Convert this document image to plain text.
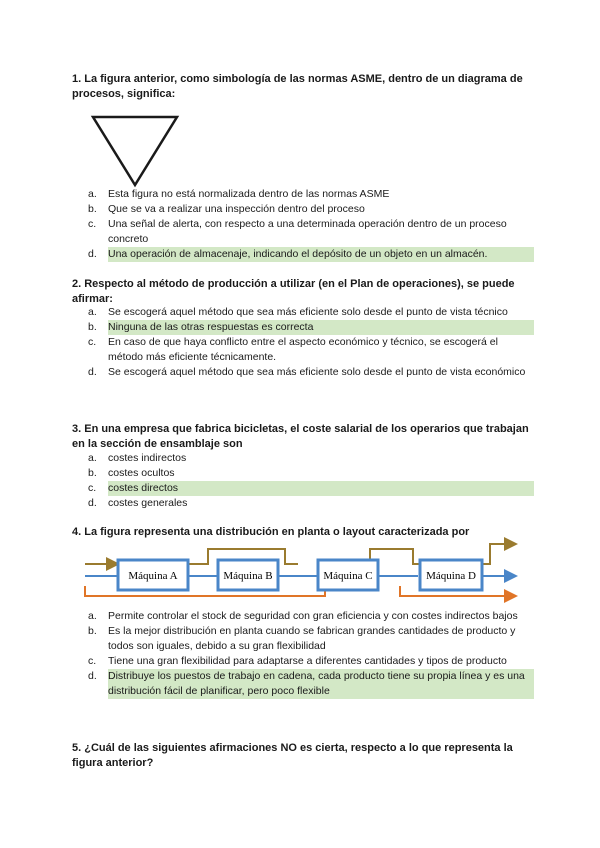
1. La figura anterior, como simbología de las normas ASME, dentro de un diagrama de procesos, significa:
a.	Esta figura no está normalizada dentro de las normas ASME
b.	Que se va a realizar una inspección dentro del proceso
c.	Una señal de alerta, con respecto a una determinada operación dentro de un proceso concreto
d.	Una operación de almacenaje, indicando el depósito de un objeto en un almacén.
2. Respecto al método de producción a utilizar (en el Plan de operaciones), se puede afirmar:
a.	Se escogerá aquel método que sea más eficiente solo desde el punto de vista técnico
b.	Ninguna de las otras respuestas es correcta
c.	En caso de que haya conflicto entre el aspecto económico y técnico, se escogerá el método más eficiente técnicamente.
d.	Se escogerá aquel método que sea más eficiente solo desde el punto de vista económico
3. En una empresa que fabrica bicicletas, el coste salarial de los operarios que trabajan en la sección de ensamblaje son
a.	costes indirectos
b.	costes ocultos
c.	costes directos
d.	costes generales
4. La figura representa una distribución en planta o layout caracterizada por
Máquina A	Máquina B	Máquina C	Máquina D
a.	Permite controlar el stock de seguridad con gran eficiencia y con costes indirectos bajos
b.	Es la mejor distribución en planta cuando se fabrican grandes cantidades de producto y todos son iguales, debido a su gran flexibilidad
c.	Tiene una gran flexibilidad para adaptarse a diferentes cantidades y tipos de producto
d.	Distribuye los puestos de trabajo en cadena, cada producto tiene su propia línea y es una distribución fácil de planificar, pero poco flexible
5. ¿Cuál de las siguientes afirmaciones NO es cierta, respecto a lo que representa la figura anterior?
